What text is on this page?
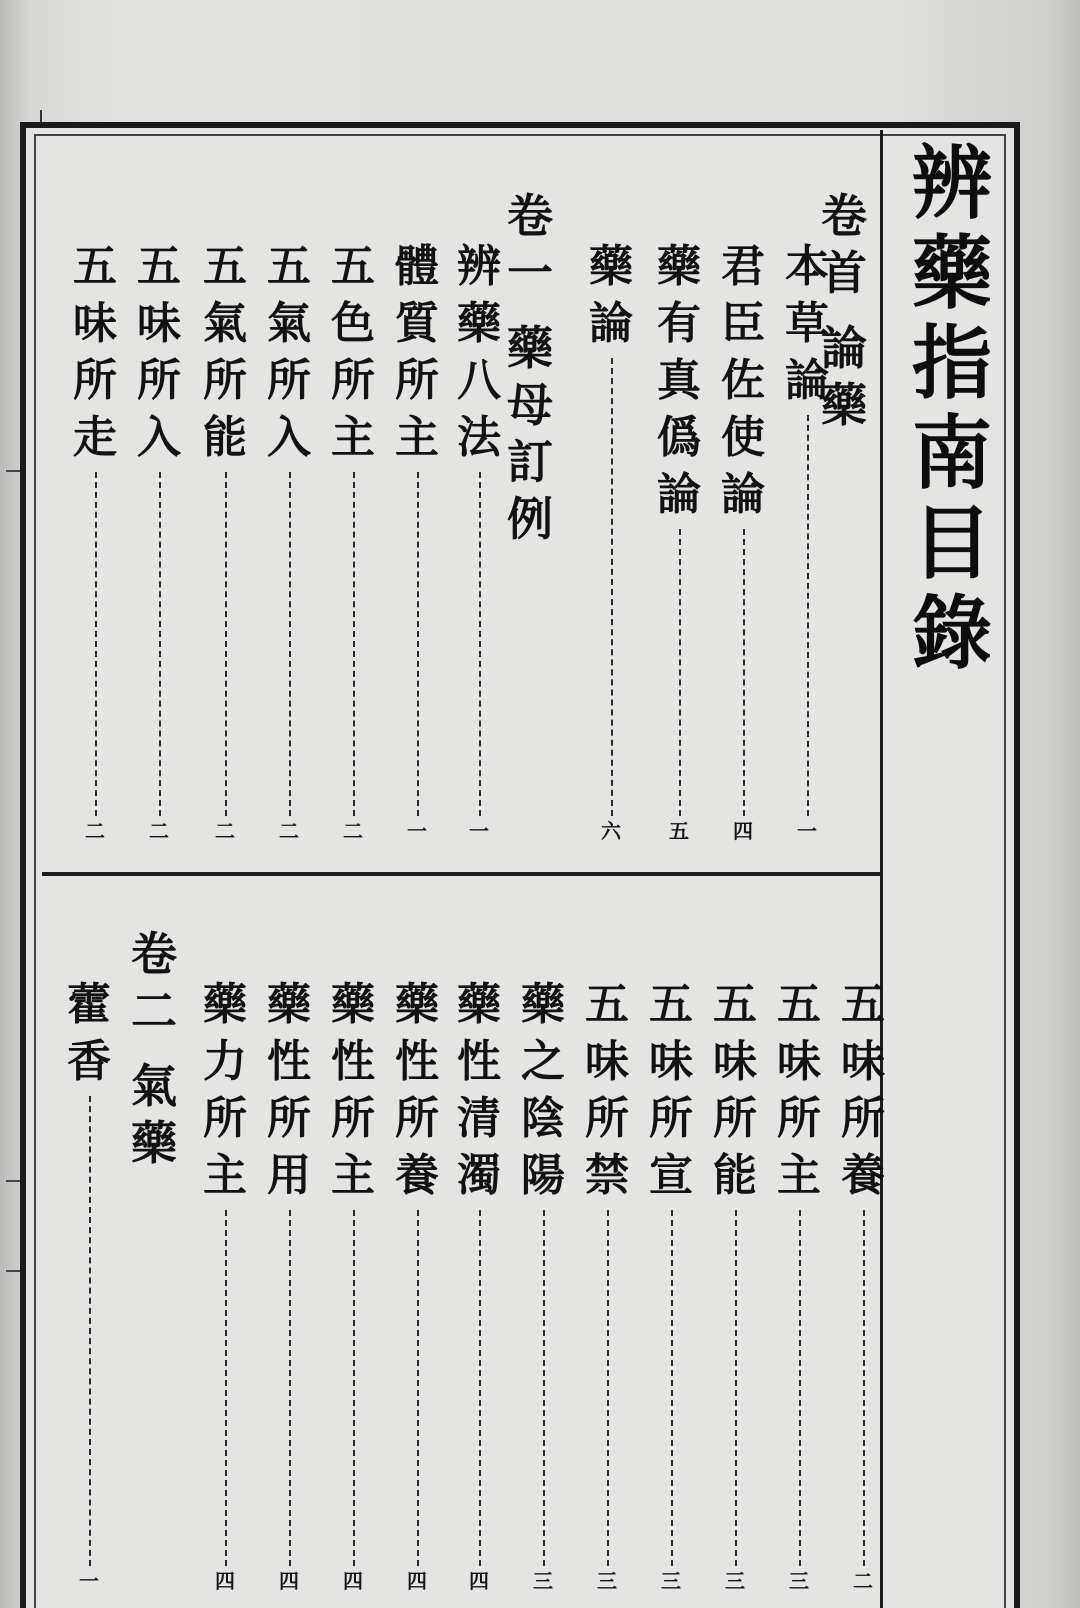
辨
藥
指
南
目
錄
卷
首
論
藥
本
草
論
一
君
臣
佐
使
論
四
藥
有
真
僞
論
五
藥
論
六
卷
一
藥
母
訂
例
辨
藥
八
法
一
體
質
所
主
一
五
色
所
主
二
五
氣
所
入
二
五
氣
所
能
二
五
味
所
入
二
五
味
所
走
二
五
味
所
養
二
五
味
所
主
三
五
味
所
能
三
五
味
所
宣
三
五
味
所
禁
三
藥
之
陰
陽
三
藥
性
清
濁
四
藥
性
所
養
四
藥
性
所
主
四
藥
性
所
用
四
藥
力
所
主
四
卷
二
氣
藥
藿
香
一
